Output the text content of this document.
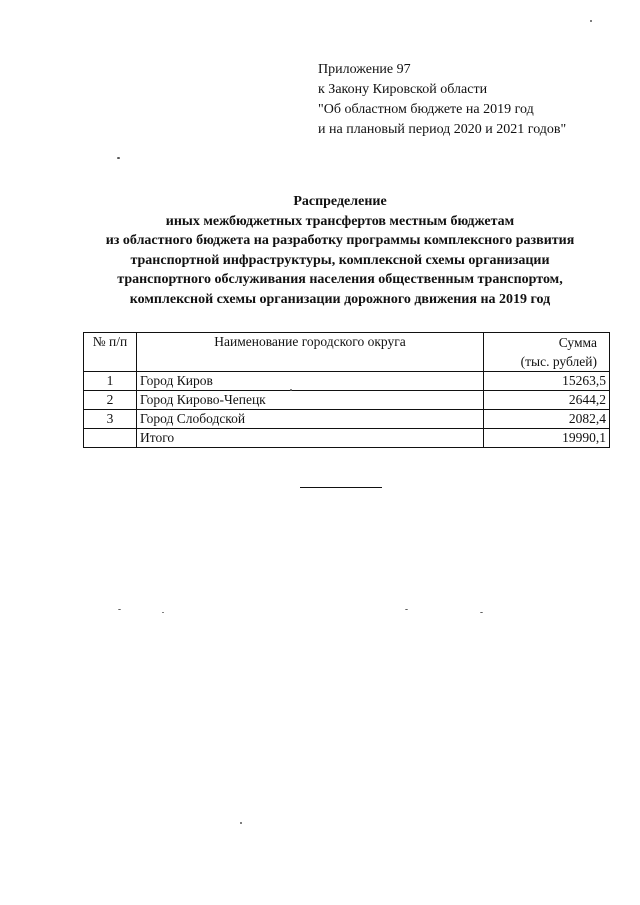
Приложение 97
к Закону Кировской области
"Об областном бюджете на 2019 год
и на плановый период 2020 и 2021 годов"
Распределение
иных межбюджетных трансфертов местным бюджетам
из областного бюджета на разработку программы комплексного развития
транспортной инфраструктуры, комплексной схемы организации
транспортного обслуживания населения общественным транспортом,
комплексной схемы организации дорожного движения на 2019 год
№ п/п	Наименование городского округа	Сумма
(тыс. рублей)

1	Город Киров	15263,5
2	Город Кирово-Чепецк	2644,2
3	Город Слободской	2082,4
	Итого	19990,1
